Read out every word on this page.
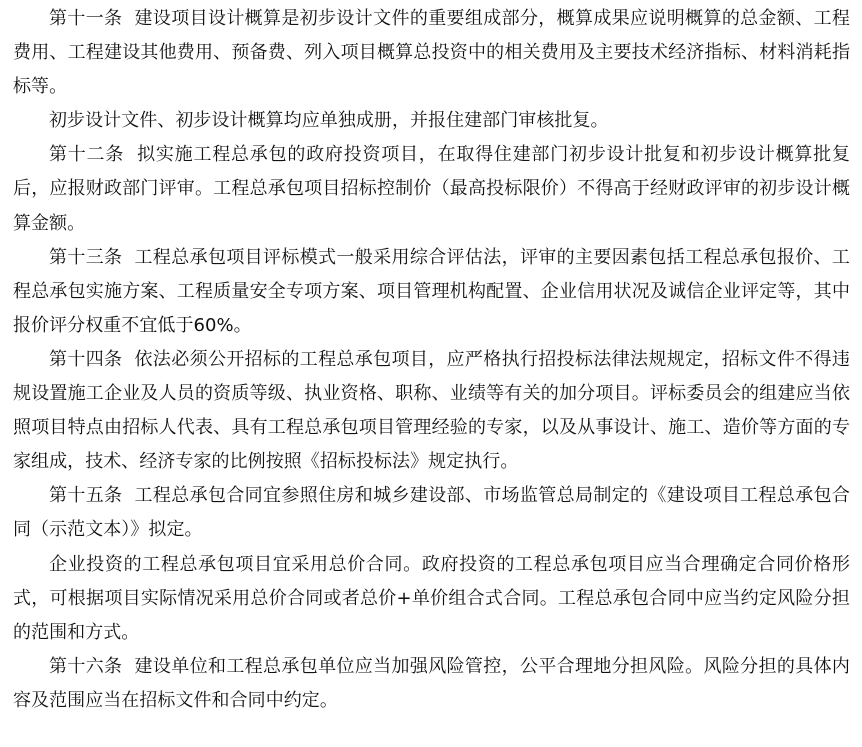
第十一条  建设项目设计概算是初步设计文件的重要组成部分，概算成果应说明概算的总金额、工程费用、工程建设其他费用、预备费、列入项目概算总投资中的相关费用及主要技术经济指标、材料消耗指标等。

初步设计文件、初步设计概算均应单独成册，并报住建部门审核批复。

第十二条  拟实施工程总承包的政府投资项目，在取得住建部门初步设计批复和初步设计概算批复后，应报财政部门评审。工程总承包项目招标控制价（最高投标限价）不得高于经财政评审的初步设计概算金额。

第十三条  工程总承包项目评标模式一般采用综合评估法，评审的主要因素包括工程总承包报价、工程总承包实施方案、工程质量安全专项方案、项目管理机构配置、企业信用状况及诚信企业评定等，其中报价评分权重不宜低于60%。

第十四条  依法必须公开招标的工程总承包项目，应严格执行招投标法律法规规定，招标文件不得违规设置施工企业及人员的资质等级、执业资格、职称、业绩等有关的加分项目。评标委员会的组建应当依照项目特点由招标人代表、具有工程总承包项目管理经验的专家，以及从事设计、施工、造价等方面的专家组成，技术、经济专家的比例按照《招标投标法》规定执行。

第十五条  工程总承包合同宜参照住房和城乡建设部、市场监管总局制定的《建设项目工程总承包合同（示范文本）》拟定。

企业投资的工程总承包项目宜采用总价合同。政府投资的工程总承包项目应当合理确定合同价格形式，可根据项目实际情况采用总价合同或者总价+单价组合式合同。工程总承包合同中应当约定风险分担的范围和方式。

第十六条  建设单位和工程总承包单位应当加强风险管控，公平合理地分担风险。风险分担的具体内容及范围应当在招标文件和合同中约定。
